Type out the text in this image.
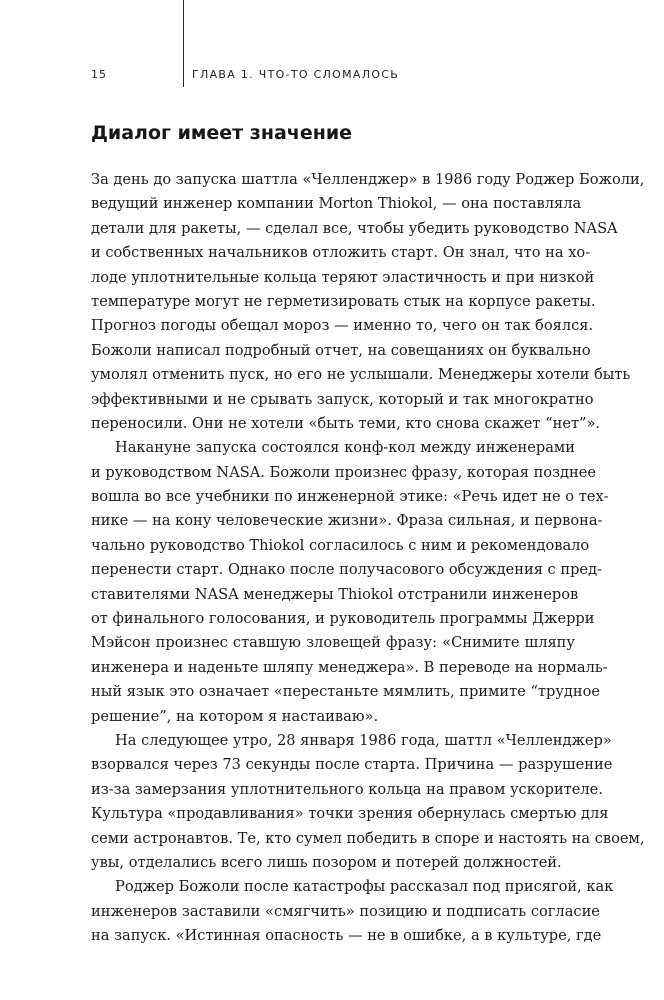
15	ГЛАВА 1. ЧТО-ТО СЛОМАЛОСЬ
Диалог имеет значение
За день до запуска шаттла «Челленджер» в 1986 году Роджер Божоли,
ведущий инженер компании Morton Thiokol, — она поставляла
детали для ракеты, — сделал все, чтобы убедить руководство NASA
и собственных начальников отложить старт. Он знал, что на хо-
лоде уплотнительные кольца теряют эластичность и при низкой
температуре могут не герметизировать стык на корпусе ракеты.
Прогноз погоды обещал мороз — именно то, чего он так боялся.
Божоли написал подробный отчет, на совещаниях он буквально
умолял отменить пуск, но его не услышали. Менеджеры хотели быть
эффективными и не срывать запуск, который и так многократно
переносили. Они не хотели «быть теми, кто снова скажет “нет”».
Накануне запуска состоялся конф-кол между инженерами
и руководством NASA. Божоли произнес фразу, которая позднее
вошла во все учебники по инженерной этике: «Речь идет не о тех-
нике — на кону человеческие жизни». Фраза сильная, и первона-
чально руководство Thiokol согласилось с ним и рекомендовало
перенести старт. Однако после получасового обсуждения с пред-
ставителями NASA менеджеры Thiokol отстранили инженеров
от финального голосования, и руководитель программы Джерри
Мэйсон произнес ставшую зловещей фразу: «Снимите шляпу
инженера и наденьте шляпу менеджера». В переводе на нормаль-
ный язык это означает «перестаньте мямлить, примите “трудное
решение”, на котором я настаиваю».
На следующее утро, 28 января 1986 года, шаттл «Челленджер»
взорвался через 73 секунды после старта. Причина — разрушение
из-за замерзания уплотнительного кольца на правом ускорителе.
Культура «продавливания» точки зрения обернулась смертью для
семи астронавтов. Те, кто сумел победить в споре и настоять на своем,
увы, отделались всего лишь позором и потерей должностей.
Роджер Божоли после катастрофы рассказал под присягой, как
инженеров заставили «смягчить» позицию и подписать согласие
на запуск. «Истинная опасность — не в ошибке, а в культуре, где
